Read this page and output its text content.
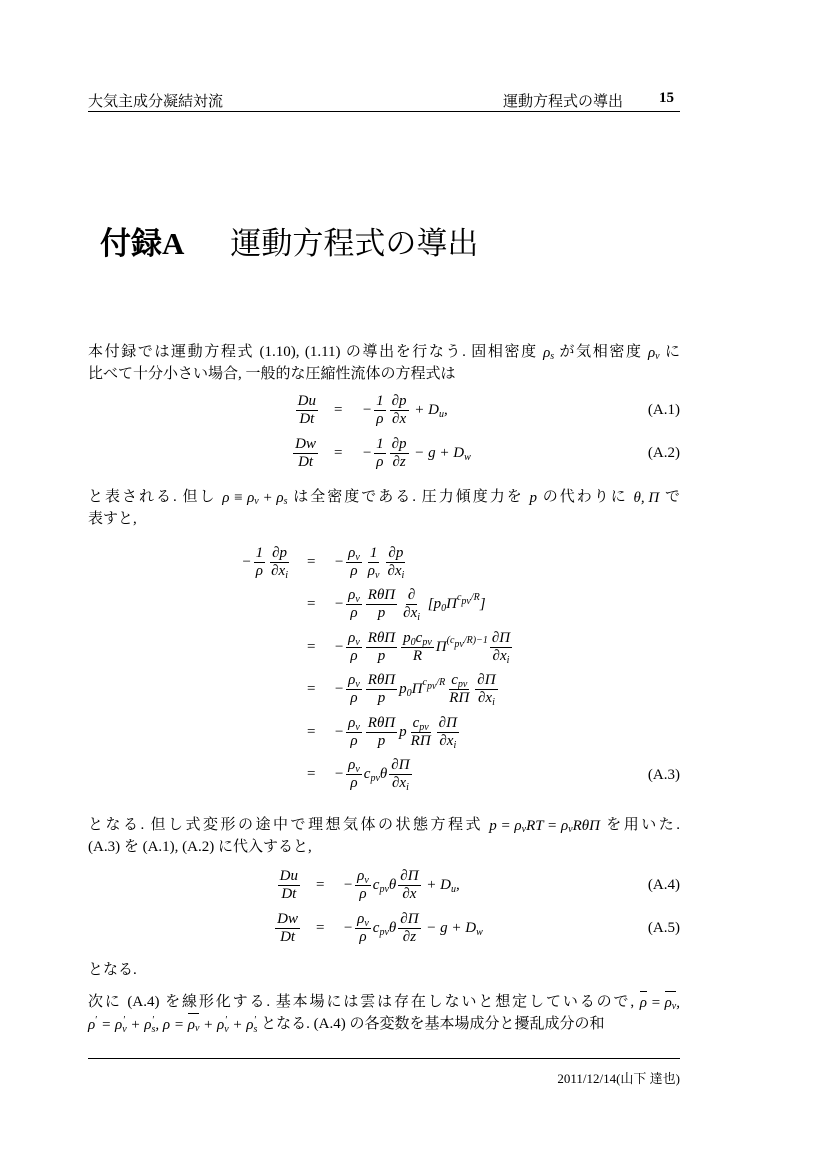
大気主成分凝結対流	運動方程式の導出 15
付録A 運動方程式の導出
本付録では運動方程式 (1.10), (1.11) の導出を行なう. 固相密度 ρ s が気相密度 ρ v に
比べて十分小さい場合, 一般的な圧縮性流体の方程式は
$\frac{Du}{Dt}$ = − $\frac{1}{\rho} \frac{\partial p}{\partial x} + D$ u ,	(A.1)
$\frac{Dw}{Dt}$ = − $\frac{1}{\rho} \frac{\partial p}{\partial z} - g + D$ w	(A.2)
と表される. 但し ρ ≡ ρ v + ρ s は全密度である. 圧力傾度力を p の代わりに θ, Π で
表すと,
− $\frac{1}{\rho} \frac{\partial p}{\text{∂ x i}}$ = − $\frac{\text{ρ v}}{\rho} \frac{1}{\text{ρ v}} \frac{\partial p}{\text{∂ x i}}$
= − $\frac{\text{ρ v}}{\rho} \frac{\text{RθΠ}}{p} \frac{\partial}{\text{∂ x i}}$ [ p 0 Π c pv /R ]
= − $\frac{\text{ρ v}}{\rho} \frac{\text{RθΠ}}{p} \frac{\text{p 0 c pv}}{R}$ Π ( c pv $/R)-1 \frac{\partial\Pi}{\text{∂ x i}}$
= − $\frac{\text{ρ v}}{\rho} \frac{\text{RθΠ}}{p}$ p 0 Π c pv $/R \frac{\text{c pv}}{R\Pi} \frac{\partial\Pi}{\text{∂ x i}}$
= − $\frac{\text{ρ v}}{\rho} \frac{\text{RθΠ}}{p}$ p $\frac{\text{c pv}}{R\Pi} \frac{\partial\Pi}{\text{∂ x i}}$
= − $\frac{\text{ρ v}}{\rho}$ c pv θ $\frac{\partial\Pi}{\text{∂ x i}}$	(A.3)
となる. 但し式変形の途中で理想気体の状態方程式 p = ρ v RT = ρ v RθΠ を用いた.
(A.3) を (A.1), (A.2) に代入すると,
$\frac{Du}{Dt}$ = − $\frac{\text{ρ v}}{\rho}$ c pv θ $\frac{\partial\Pi}{\partial x} + D$ u ,	(A.4)
$\frac{Dw}{Dt}$ = − $\frac{\text{ρ v}}{\rho}$ c pv θ $\frac{\partial\Pi}{\partial z} - g + D$ w	(A.5)
となる.
次に (A.4) を線形化する. 基本場には雲は存在しないと想定しているので, ρ = ρ v ,
ρ ′ = ρ ′
v + ρ ′
s , ρ = ρ v + ρ ′
v + ρ ′
s となる. (A.4) の各変数を基本場成分と擾乱成分の和
2011/12/14(山下 達也)
